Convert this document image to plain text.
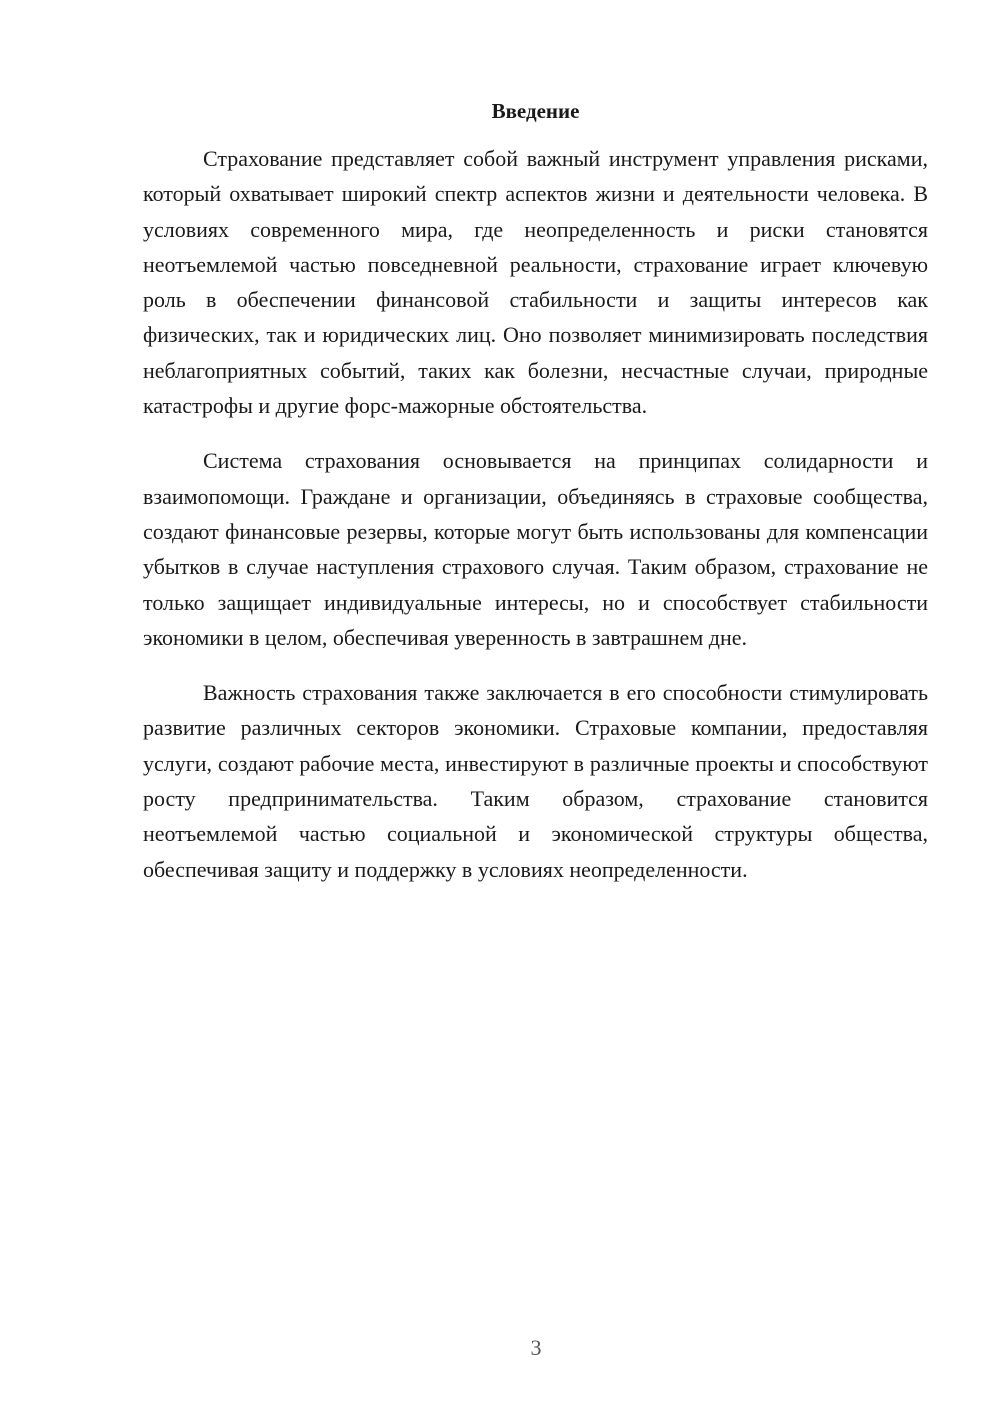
Введение

Страхование представляет собой важный инструмент управления рисками, который охватывает широкий спектр аспектов жизни и деятельности человека. В условиях современного мира, где неопределенность и риски становятся неотъемлемой частью повседневной реальности, страхование играет ключевую роль в обеспечении финансовой стабильности и защиты интересов как физических, так и юридических лиц. Оно позволяет минимизировать последствия неблагоприятных событий, таких как болезни, несчастные случаи, природные катастрофы и другие форс-мажорные обстоятельства.

Система страхования основывается на принципах солидарности и взаимопомощи. Граждане и организации, объединяясь в страховые сообщества, создают финансовые резервы, которые могут быть использованы для компенсации убытков в случае наступления страхового случая. Таким образом, страхование не только защищает индивидуальные интересы, но и способствует стабильности экономики в целом, обеспечивая уверенность в завтрашнем дне.

Важность страхования также заключается в его способности стимулировать развитие различных секторов экономики. Страховые компании, предоставляя услуги, создают рабочие места, инвестируют в различные проекты и способствуют росту предпринимательства. Таким образом, страхование становится неотъемлемой частью социальной и экономической структуры общества, обеспечивая защиту и поддержку в условиях неопределенности.

3
